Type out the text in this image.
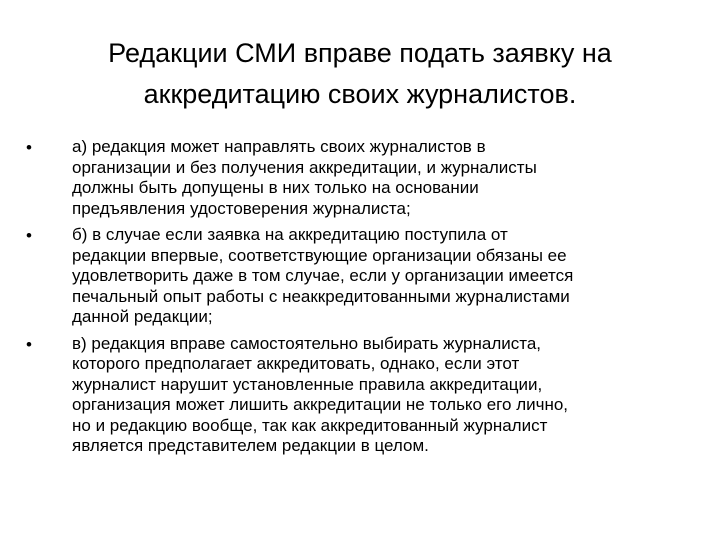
Редакции СМИ вправе подать заявку на
аккредитацию своих журналистов.
• а) редакция может направлять своих журналистов в
организации и без получения аккредитации, и журналисты
должны быть допущены в них только на основании
предъявления удостоверения журналиста;
• б) в случае если заявка на аккредитацию поступила от
редакции впервые, соответствующие организации обязаны ее
удовлетворить даже в том случае, если у организации имеется
печальный опыт работы с неаккредитованными журналистами
данной редакции;
• в) редакция вправе самостоятельно выбирать журналиста,
которого предполагает аккредитовать, однако, если этот
журналист нарушит установленные правила аккредитации,
организация может лишить аккредитации не только его лично,
но и редакцию вообще, так как аккредитованный журналист
является представителем редакции в целом.
